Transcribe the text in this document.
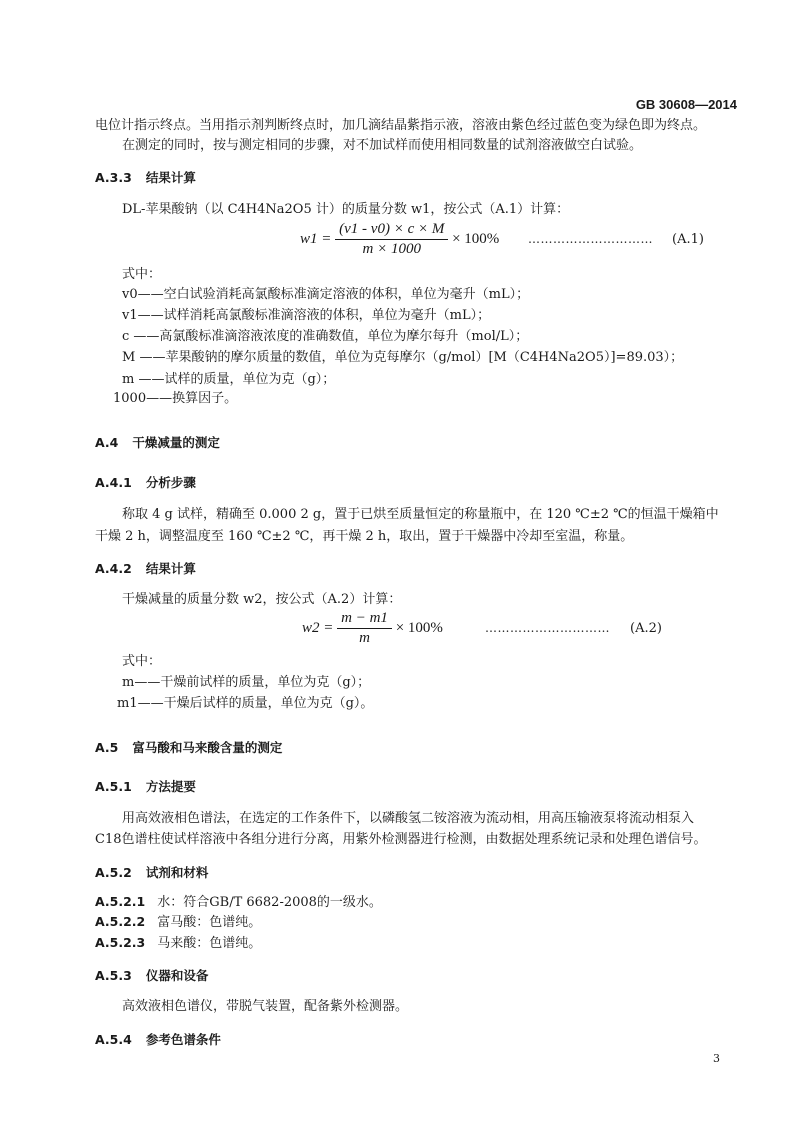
GB 30608—2014
电位计指示终点。当用指示剂判断终点时，加几滴结晶紫指示液，溶液由紫色经过蓝色变为绿色即为终点。
在测定的同时，按与测定相同的步骤，对不加试样而使用相同数量的试剂溶液做空白试验。
A.3.3 结果计算
DL-苹果酸钠（以 C4H4Na2O5 计）的质量分数 w1，按公式（A.1）计算：
$w1 = \frac{(v1 - v0) \times c \times M}{m \times 1000} \times 100\%$ ………………………… (A.1)
式中：
v0——空白试验消耗高氯酸标准滴定溶液的体积，单位为毫升（mL）；
v1——试样消耗高氯酸标准滴溶液的体积，单位为毫升（mL）；
c ——高氯酸标准滴溶液浓度的准确数值，单位为摩尔每升（mol/L）；
M ——苹果酸钠的摩尔质量的数值，单位为克每摩尔（g/mol）[M（C4H4Na2O5）]=89.03）；
m ——试样的质量，单位为克（g）；
1000——换算因子。
A.4 干燥减量的测定
A.4.1 分析步骤
称取 4 g 试样，精确至 0.000 2 g，置于已烘至质量恒定的称量瓶中，在 120 ℃±2 ℃的恒温干燥箱中
干燥 2 h，调整温度至 160 ℃±2 ℃，再干燥 2 h，取出，置于干燥器中冷却至室温，称量。
A.4.2 结果计算
干燥减量的质量分数 w2，按公式（A.2）计算：
$w2 = \frac{m - m1}{m} \times 100\%$	………………………… (A.2)
式中：
m——干燥前试样的质量，单位为克（g）；
m1——干燥后试样的质量，单位为克（g）。
A.5 富马酸和马来酸含量的测定
A.5.1 方法提要
用高效液相色谱法，在选定的工作条件下，以磷酸氢二铵溶液为流动相，用高压输液泵将流动相泵入
C18色谱柱使试样溶液中各组分进行分离，用紫外检测器进行检测，由数据处理系统记录和处理色谱信号。
A.5.2 试剂和材料
A.5.2.1 水：符合GB/T 6682-2008的一级水。
A.5.2.2 富马酸：色谱纯。
A.5.2.3 马来酸：色谱纯。
A.5.3 仪器和设备
高效液相色谱仪，带脱气装置，配备紫外检测器。
A.5.4 参考色谱条件
3
